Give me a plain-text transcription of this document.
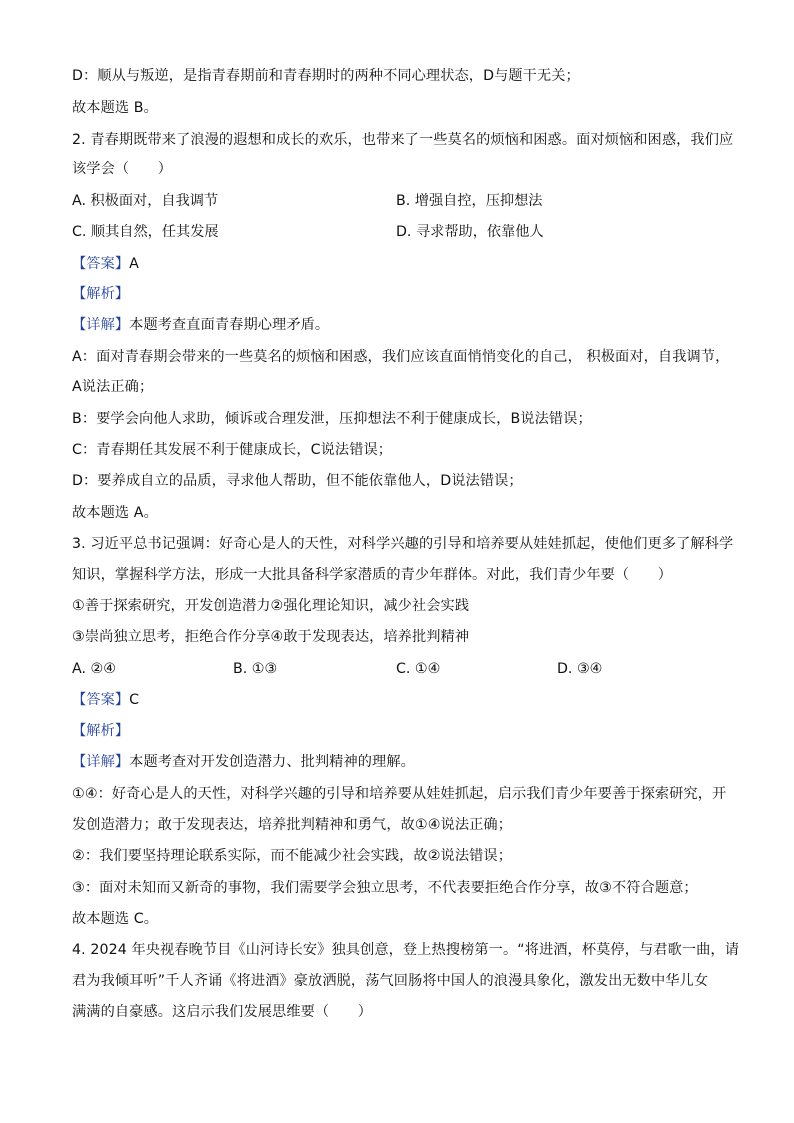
D：顺从与叛逆，是指青春期前和青春期时的两种不同心理状态，D与题干无关；
故本题选 B。
2. 青春期既带来了浪漫的遐想和成长的欢乐，也带来了一些莫名的烦恼和困惑。面对烦恼和困惑，我们应
该学会（　　）
A. 积极面对，自我调节	B. 增强自控，压抑想法
C. 顺其自然，任其发展	D. 寻求帮助，依靠他人
【答案】A
【解析】
【详解】本题考查直面青春期心理矛盾。
A：面对青春期会带来的一些莫名的烦恼和困惑，我们应该直面悄悄变化的自己， 积极面对，自我调节，
A说法正确；
B：要学会向他人求助，倾诉或合理发泄，压抑想法不利于健康成长，B说法错误；
C：青春期任其发展不利于健康成长，C说法错误；
D：要养成自立的品质，寻求他人帮助，但不能依靠他人，D说法错误；
故本题选 A。
3. 习近平总书记强调：好奇心是人的天性，对科学兴趣的引导和培养要从娃娃抓起，使他们更多了解科学
知识，掌握科学方法，形成一大批具备科学家潜质的青少年群体。对此，我们青少年要（　　）
①善于探索研究，开发创造潜力②强化理论知识，减少社会实践
③崇尚独立思考，拒绝合作分享④敢于发现表达，培养批判精神
A. ②④	B. ①③	C. ①④	D. ③④
【答案】C
【解析】
【详解】本题考查对开发创造潜力、批判精神的理解。
①④：好奇心是人的天性，对科学兴趣的引导和培养要从娃娃抓起，启示我们青少年要善于探索研究，开
发创造潜力；敢于发现表达，培养批判精神和勇气，故①④说法正确；
②：我们要坚持理论联系实际，而不能减少社会实践，故②说法错误；
③：面对未知而又新奇的事物，我们需要学会独立思考，不代表要拒绝合作分享，故③不符合题意；
故本题选 C。
4. 2024 年央视春晚节目《山河诗长安》独具创意，登上热搜榜第一。“将进酒，杯莫停，与君歌一曲，请
君为我倾耳听”千人齐诵《将进酒》豪放洒脱，荡气回肠将中国人的浪漫具象化，激发出无数中华儿女
满满的自豪感。这启示我们发展思维要（　　）
